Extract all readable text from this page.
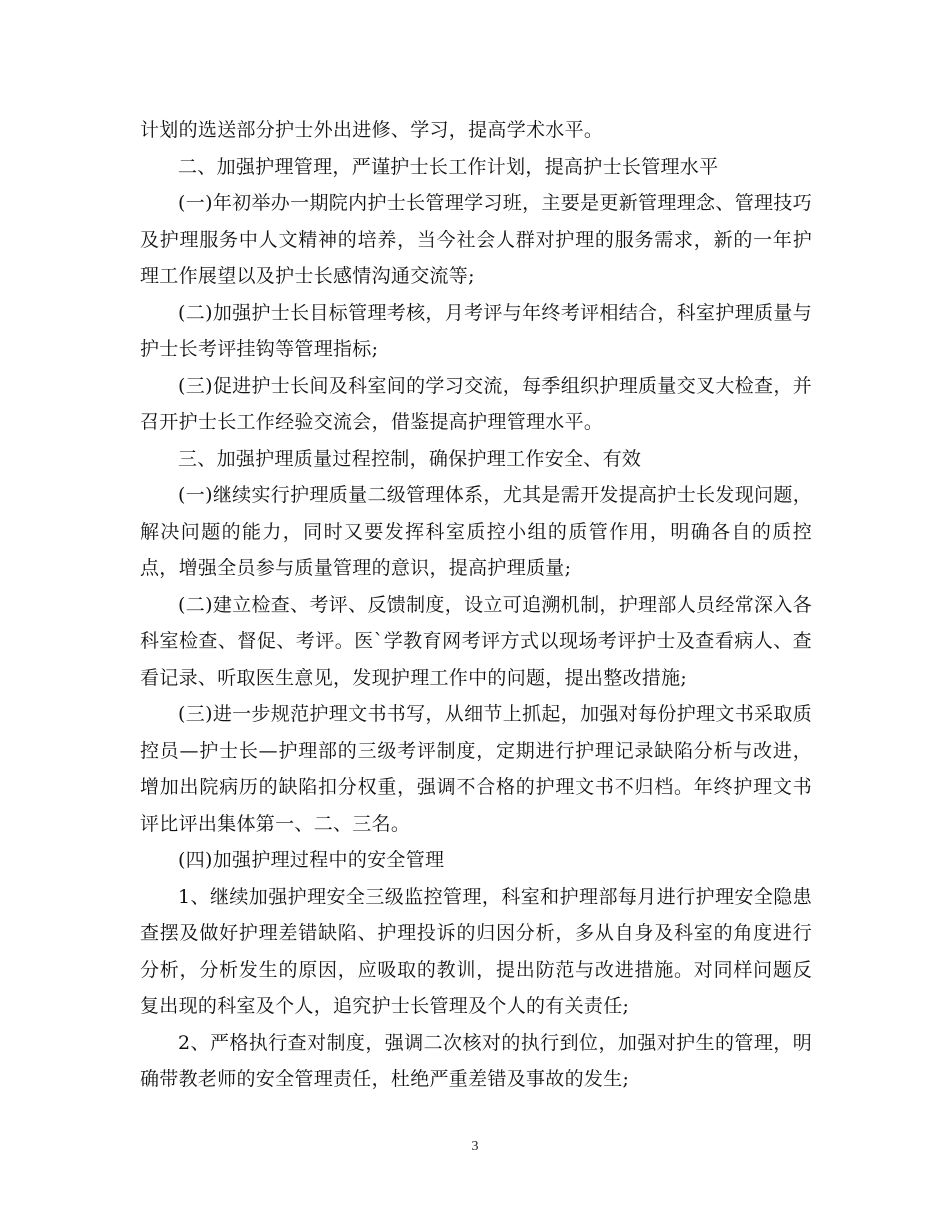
计划的选送部分护士外出进修、学习，提高学术水平。

二、加强护理管理，严谨护士长工作计划，提高护士长管理水平

(一)年初举办一期院内护士长管理学习班，主要是更新管理理念、管理技巧及护理服务中人文精神的培养，当今社会人群对护理的服务需求，新的一年护理工作展望以及护士长感情沟通交流等;

(二)加强护士长目标管理考核，月考评与年终考评相结合，科室护理质量与护士长考评挂钩等管理指标;

(三)促进护士长间及科室间的学习交流，每季组织护理质量交叉大检查，并召开护士长工作经验交流会，借鉴提高护理管理水平。

三、加强护理质量过程控制，确保护理工作安全、有效

(一)继续实行护理质量二级管理体系，尤其是需开发提高护士长发现问题，解决问题的能力，同时又要发挥科室质控小组的质管作用，明确各自的质控点，增强全员参与质量管理的意识，提高护理质量;

(二)建立检查、考评、反馈制度，设立可追溯机制，护理部人员经常深入各科室检查、督促、考评。医`学教育网考评方式以现场考评护士及查看病人、查看记录、听取医生意见，发现护理工作中的问题，提出整改措施;

(三)进一步规范护理文书书写，从细节上抓起，加强对每份护理文书采取质控员—护士长—护理部的三级考评制度，定期进行护理记录缺陷分析与改进，增加出院病历的缺陷扣分权重，强调不合格的护理文书不归档。年终护理文书评比评出集体第一、二、三名。

(四)加强护理过程中的安全管理

1、继续加强护理安全三级监控管理，科室和护理部每月进行护理安全隐患查摆及做好护理差错缺陷、护理投诉的归因分析，多从自身及科室的角度进行分析，分析发生的原因，应吸取的教训，提出防范与改进措施。对同样问题反复出现的科室及个人，追究护士长管理及个人的有关责任;

2、严格执行查对制度，强调二次核对的执行到位，加强对护生的管理，明确带教老师的安全管理责任，杜绝严重差错及事故的发生;

3
